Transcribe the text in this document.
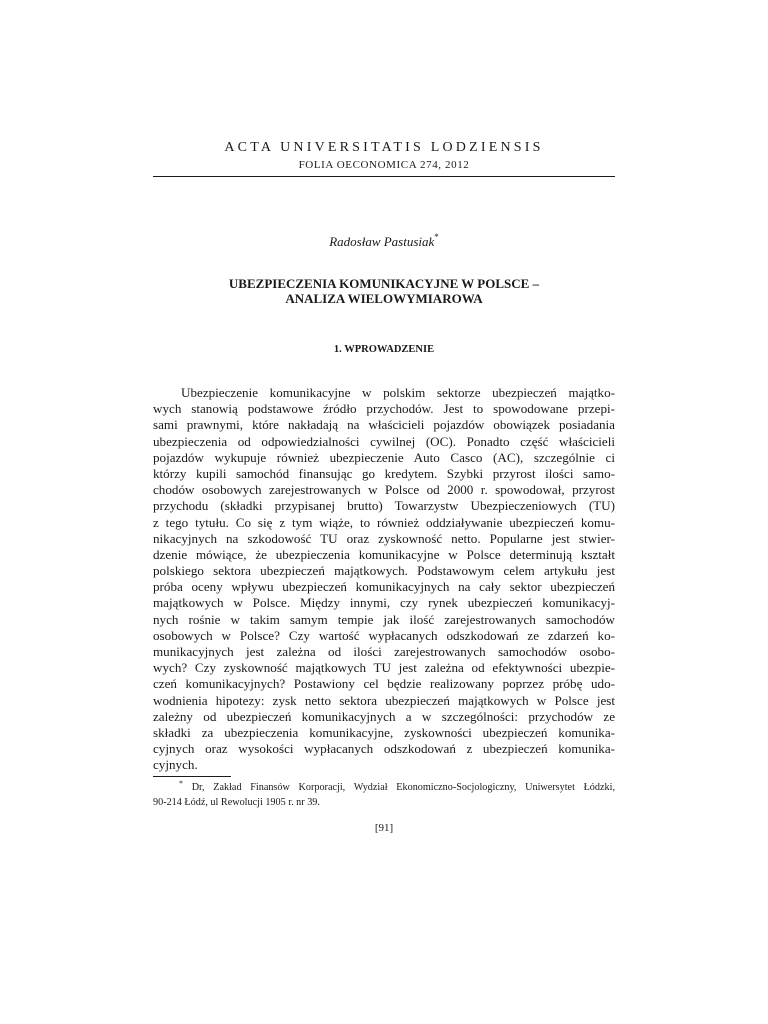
ACTA UNIVERSITATIS LODZIENSIS
FOLIA OECONOMICA 274, 2012
Radosław Pastusiak*
UBEZPIECZENIA KOMUNIKACYJNE W POLSCE –
ANALIZA WIELOWYMIAROWA
1. WPROWADZENIE
Ubezpieczenie komunikacyjne w polskim sektorze ubezpieczeń majątko-
wych stanowią podstawowe źródło przychodów. Jest to spowodowane przepi-
sami prawnymi, które nakładają na właścicieli pojazdów obowiązek posiadania
ubezpieczenia od odpowiedzialności cywilnej (OC). Ponadto część właścicieli
pojazdów wykupuje również ubezpieczenie Auto Casco (AC), szczególnie ci
którzy kupili samochód finansując go kredytem. Szybki przyrost ilości samo-
chodów osobowych zarejestrowanych w Polsce od 2000 r. spowodował, przyrost
przychodu (składki przypisanej brutto) Towarzystw Ubezpieczeniowych (TU)
z tego tytułu. Co się z tym wiąże, to również oddziaływanie ubezpieczeń komu-
nikacyjnych na szkodowość TU oraz zyskowność netto. Popularne jest stwier-
dzenie mówiące, że ubezpieczenia komunikacyjne w Polsce determinują kształt
polskiego sektora ubezpieczeń majątkowych. Podstawowym celem artykułu jest
próba oceny wpływu ubezpieczeń komunikacyjnych na cały sektor ubezpieczeń
majątkowych w Polsce. Między innymi, czy rynek ubezpieczeń komunikacyj-
nych rośnie w takim samym tempie jak ilość zarejestrowanych samochodów
osobowych w Polsce? Czy wartość wypłacanych odszkodowań ze zdarzeń ko-
munikacyjnych jest zależna od ilości zarejestrowanych samochodów osobo-
wych? Czy zyskowność majątkowych TU jest zależna od efektywności ubezpie-
czeń komunikacyjnych? Postawiony cel będzie realizowany poprzez próbę udo-
wodnienia hipotezy: zysk netto sektora ubezpieczeń majątkowych w Polsce jest
zależny od ubezpieczeń komunikacyjnych a w szczególności: przychodów ze
składki za ubezpieczenia komunikacyjne, zyskowności ubezpieczeń komunika-
cyjnych oraz wysokości wypłacanych odszkodowań z ubezpieczeń komunika-
cyjnych.
* Dr, Zakład Finansów Korporacji, Wydział Ekonomiczno-Socjologiczny, Uniwersytet Łódzki,
90-214 Łódź, ul Rewolucji 1905 r. nr 39.
[91]
